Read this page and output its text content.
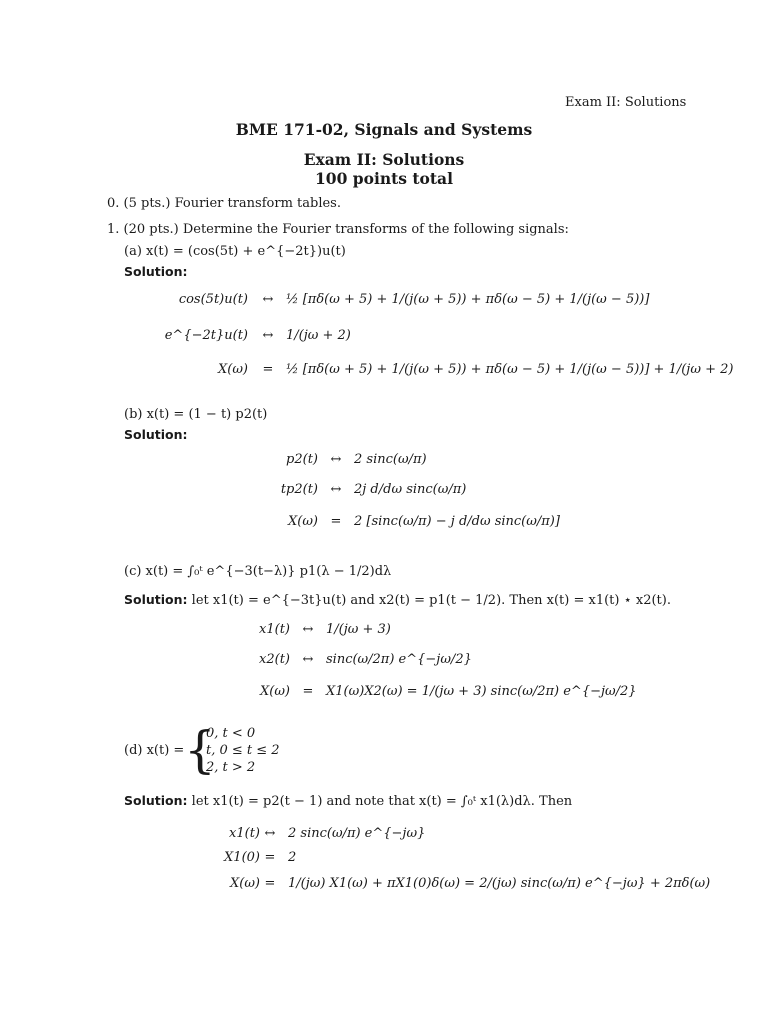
Exam II: Solutions
BME 171-02, Signals and Systems
Exam II: Solutions
100 points total
0. (5 pts.) Fourier transform tables.
1. (20 pts.) Determine the Fourier transforms of the following signals:
(a) x(t) = (cos(5t) + e^{−2t})u(t)
Solution:
cos(5t)u(t)	↔ ½ [πδ(ω + 5) + 1/(j(ω + 5)) + πδ(ω − 5) + 1/(j(ω − 5))]
e^{−2t}u(t)	↔ 1/(jω + 2)
X(ω)	= ½ [πδ(ω + 5) + 1/(j(ω + 5)) + πδ(ω − 5) + 1/(j(ω − 5))] + 1/(jω + 2)
(b) x(t) = (1 − t) p2(t)
Solution:
p2(t) ↔ 2 sinc(ω/π)
tp2(t) ↔ 2j d/dω sinc(ω/π)
X(ω) = 2 [sinc(ω/π) − j d/dω sinc(ω/π)]
(c) x(t) = ∫₀ᵗ e^{−3(t−λ)} p1(λ − 1/2)dλ
Solution: let x1(t) = e^{−3t}u(t) and x2(t) = p1(t − 1/2). Then x(t) = x1(t) ⋆ x2(t).
x1(t) ↔ 1/(jω + 3)
x2(t) ↔ sinc(ω/2π) e^{−jω/2}
X(ω) = X1(ω)X2(ω) = 1/(jω + 3) sinc(ω/2π) e^{−jω/2}
(d) x(t) = {
0, t < 0
t, 0 ≤ t ≤ 2
2, t > 2
Solution: let x1(t) = p2(t − 1) and note that x(t) = ∫₀ᵗ x1(λ)dλ. Then
x1(t) ↔ 2 sinc(ω/π) e^{−jω}
X1(0) = 2
X(ω) = 1/(jω) X1(ω) + πX1(0)δ(ω) = 2/(jω) sinc(ω/π) e^{−jω} + 2πδ(ω)
